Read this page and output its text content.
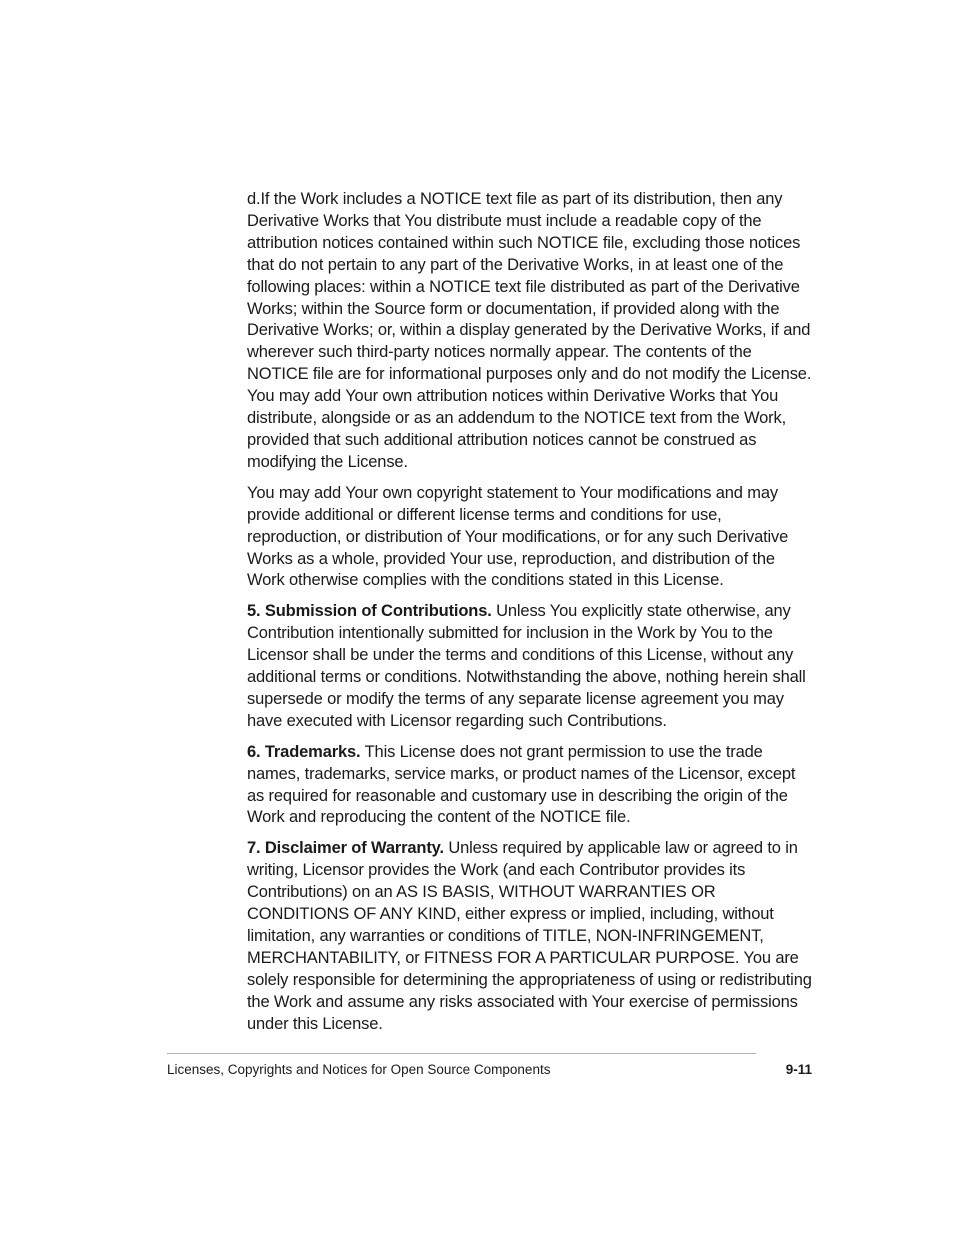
d.If the Work includes a NOTICE text file as part of its distribution, then any Derivative Works that You distribute must include a readable copy of the attribution notices contained within such NOTICE file, excluding those notices that do not pertain to any part of the Derivative Works, in at least one of the following places: within a NOTICE text file distributed as part of the Derivative Works; within the Source form or documentation, if provided along with the Derivative Works; or, within a display generated by the Derivative Works, if and wherever such third-party notices normally appear. The contents of the NOTICE file are for informational purposes only and do not modify the License. You may add Your own attribution notices within Derivative Works that You distribute, alongside or as an addendum to the NOTICE text from the Work, provided that such additional attribution notices cannot be construed as modifying the License.

You may add Your own copyright statement to Your modifications and may provide additional or different license terms and conditions for use, reproduction, or distribution of Your modifications, or for any such Derivative Works as a whole, provided Your use, reproduction, and distribution of the Work otherwise complies with the conditions stated in this License.

5. Submission of Contributions. Unless You explicitly state otherwise, any Contribution intentionally submitted for inclusion in the Work by You to the Licensor shall be under the terms and conditions of this License, without any additional terms or conditions. Notwithstanding the above, nothing herein shall supersede or modify the terms of any separate license agreement you may have executed with Licensor regarding such Contributions.

6. Trademarks. This License does not grant permission to use the trade names, trademarks, service marks, or product names of the Licensor, except as required for reasonable and customary use in describing the origin of the Work and reproducing the content of the NOTICE file.

7. Disclaimer of Warranty. Unless required by applicable law or agreed to in writing, Licensor provides the Work (and each Contributor provides its Contributions) on an AS IS BASIS, WITHOUT WARRANTIES OR CONDITIONS OF ANY KIND, either express or implied, including, without limitation, any warranties or conditions of TITLE, NON-INFRINGEMENT, MERCHANTABILITY, or FITNESS FOR A PARTICULAR PURPOSE. You are solely responsible for determining the appropriateness of using or redistributing the Work and assume any risks associated with Your exercise of permissions under this License.

Licenses, Copyrights and Notices for Open Source Components	9-11
